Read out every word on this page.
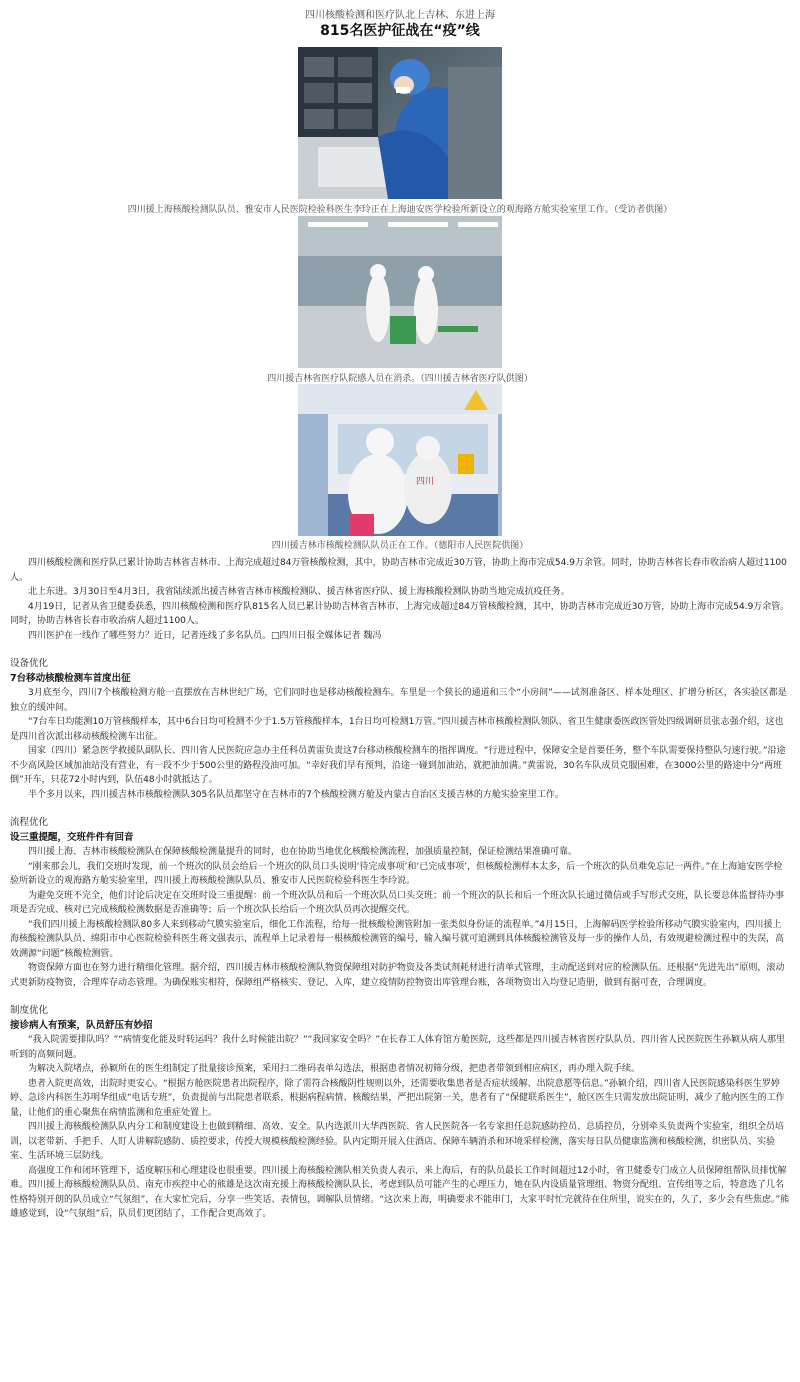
四川核酸检测和医疗队北上吉林、东进上海
815名医护征战在“疫”线
四川援上海核酸检测队队员、雅安市人民医院检验科医生李玲正在上海迪安医学检验所新设立的观海路方舱实验室里工作。（受访者供图）
四川援吉林省医疗队院感人员在消杀。（四川援吉林省医疗队供图）
四川
四川援吉林市核酸检测队队员正在工作。（德阳市人民医院供图）

四川核酸检测和医疗队已累计协助吉林省吉林市、上海完成超过84万管核酸检测，其中，协助吉林市完成近30万管，协助上海市完成54.9万余管。同时，协助吉林省长春市收治病人超过1100人。

北上东进。3月30日至4月3日，我省陆续派出援吉林省吉林市核酸检测队、援吉林省医疗队、援上海核酸检测队协助当地完成抗疫任务。

4月19日，记者从省卫健委获悉，四川核酸检测和医疗队815名人员已累计协助吉林省吉林市、上海完成超过84万管核酸检测，其中，协助吉林市完成近30万管，协助上海市完成54.9万余管。同时，协助吉林省长春市收治病人超过1100人。

四川医护在一线作了哪些努力？近日，记者连线了多名队员。□四川日报全媒体记者 魏冯

设备优化

7台移动核酸检测车首度出征

3月底至今，四川7个核酸检测方舱一直摆放在吉林世纪广场，它们同时也是移动核酸检测车。车里是一个狭长的通道和三个“小房间”——试剂准备区、样本处理区、扩增分析区，各实验区都是独立的缓冲间。

“7台车日均能测10万管核酸样本，其中6台日均可检测不少于1.5万管核酸样本，1台日均可检测1万管。”四川援吉林市核酸检测队领队、省卫生健康委医政医管处四级调研员张志强介绍，这也是四川首次派出移动核酸检测车出征。

国家（四川）紧急医学救援队副队长、四川省人民医院应急办主任科员黄雷负责这7台移动核酸检测车的指挥调度。“行进过程中，保障安全是首要任务，整个车队需要保持整队匀速行驶。”沿途不少高风险区域加油站没有营业，有一段不少于500公里的路程没油可加。“幸好我们早有预判，沿途一碰到加油站，就把油加满。”黄雷说，30名车队成员克服困难，在3000公里的路途中分“两班倒”开车，只花72小时内到，队伍48小时就抵达了。

半个多月以来，四川援吉林市核酸检测队305名队员都坚守在吉林市的7个核酸检测方舱及内蒙古自治区支援吉林的方舱实验室里工作。

流程优化

设三重提醒，交班件件有回音

四川援上海、吉林市核酸检测队在保障核酸检测量提升的同时，也在协助当地优化核酸检测流程，加强质量控制，保证检测结果准确可靠。

“刚来那会儿，我们交班时发现，前一个班次的队员会给后一个班次的队员口头说明‘待完成事项’和‘已完成事项’，但核酸检测样本太多，后一个班次的队员难免忘记一两件。”在上海迪安医学检验所新设立的观海路方舱实验室里，四川援上海核酸检测队队员、雅安市人民医院检验科医生李玲说。

为避免交班不完全，他们讨论后决定在交班时设三重提醒：前一个班次队员和后一个班次队员口头交班；前一个班次的队长和后一个班次队长通过微信或手写形式交班，队长要总体监督待办事项是否完成、核对已完成核酸检测数据是否准确等；后一个班次队长给后一个班次队员再次提醒交代。

“我们四川援上海核酸检测队80多人来到移动气膜实验室后，细化工作流程，给每一批核酸检测管附加一张类似身份证的流程单。”4月15日，上海解码医学检验所移动气膜实验室内，四川援上海核酸检测队队员、绵阳市中心医院检验科医生蒋文强表示，流程单上记录着每一根核酸检测管的编号，输入编号就可追溯到具体核酸检测管及每一步的操作人员，有效规避检测过程中的失误，高效溯源“问题”核酸检测管。

物资保障方面也在努力进行精细化管理。据介绍，四川援吉林市核酸检测队物资保障组对防护物资及各类试剂耗材进行清单式管理，主动配送到对应的检测队伍。还根据“先进先出”原则，滚动式更新防疫物资，合理库存动态管理。为确保账实相符，保障组严格核实、登记、入库，建立疫情防控物资出库管理台账，各项物资出入均登记造册，做到有据可查，合理调度。

制度优化

接诊病人有预案，队员舒压有妙招

“我入院需要排队吗？”“病情变化能及时转运吗？我什么时候能出院？”“我回家安全吗？”在长春工人体育馆方舱医院，这些都是四川援吉林省医疗队队员、四川省人民医院医生孙颖从病人那里听到的高频问题。

为解决入院堵点，孙颖所在的医生组制定了批量接诊预案，采用扫二维码表单勾选法，根据患者情况初筛分级，把患者带领到相应病区，再办理入院手续。

患者入院更高效，出院时更安心。“根据方舱医院患者出院程序，除了需符合核酸阴性规则以外，还需要收集患者是否症状缓解、出院意愿等信息。”孙颖介绍，四川省人民医院感染科医生罗婷婷、急诊内科医生苏明华组成“电话专班”，负责提前与出院患者联系，根据病程病情、核酸结果，严把出院第一关，患者有了“保健联系医生”，舱区医生只需发放出院证明，减少了舱内医生的工作量，让他们的重心聚焦在病情监测和危重症处置上。

四川援上海核酸检测队队内分工和制度建设上也做到精细、高效、安全。队内选派川大华西医院、省人民医院各一名专家担任总院感防控员、总质控员，分别牵头负责两个实验室，组织全员培训，以老带新、手把手、人盯人讲解院感防、质控要求，传授大规模核酸检测经验。队内定期开展入住酒店、保障车辆消杀和环境采样检测，落实每日队员健康监测和核酸检测，织密队员、实验室、生活环境三层防线。

高强度工作和闭环管理下，适度解压和心理建设也很重要。四川援上海核酸检测队相关负责人表示，来上海后，有的队员最长工作时间超过12小时，省卫健委专门成立人员保障组帮队员排忧解难。四川援上海核酸检测队队员、南充市疾控中心的熊雄是这次南充援上海核酸检测队队长，考虑到队员可能产生的心理压力，她在队内设质量管理组、物资分配组、宣传组等之后，特意选了几名性格特别开朗的队员成立“气氛组”，在大家忙完后，分享一些笑话、表情包，调解队员情绪。“这次来上海，明确要求不能串门，大家平时忙完就待在住所里，说实在的，久了，多少会有些焦虑。”熊雄感觉到，设“气氛组”后，队员们更团结了，工作配合更高效了。
